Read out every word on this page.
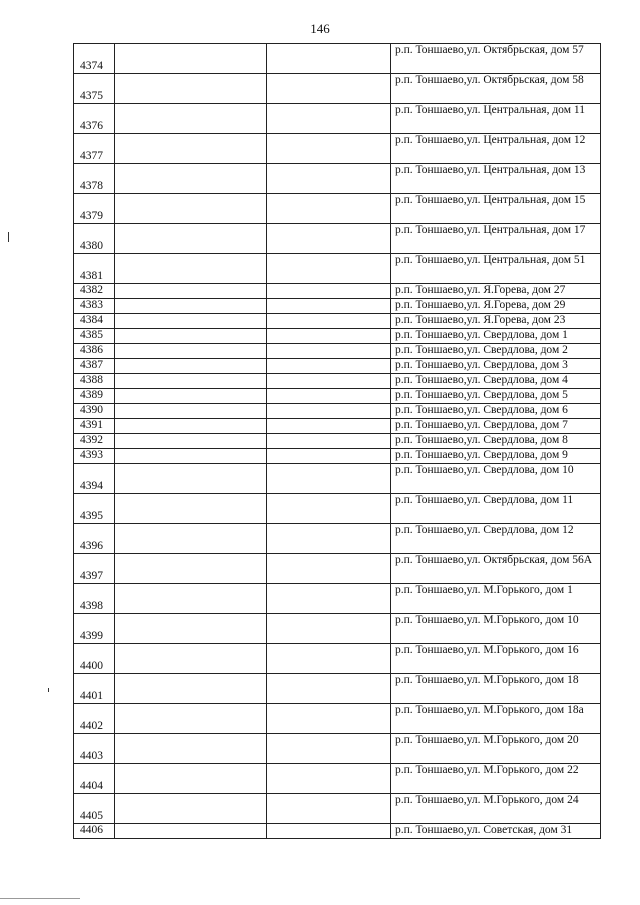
146
4374			р.п. Тоншаево,ул. Октябрьская, дом 57
4375			р.п. Тоншаево,ул. Октябрьская, дом 58
4376			р.п. Тоншаево,ул. Центральная, дом 11
4377			р.п. Тоншаево,ул. Центральная, дом 12
4378			р.п. Тоншаево,ул. Центральная, дом 13
4379			р.п. Тоншаево,ул. Центральная, дом 15
4380			р.п. Тоншаево,ул. Центральная, дом 17
4381			р.п. Тоншаево,ул. Центральная, дом 51
4382			р.п. Тоншаево,ул. Я.Горева, дом 27
4383			р.п. Тоншаево,ул. Я.Горева, дом 29
4384			р.п. Тоншаево,ул. Я.Горева, дом 23
4385			р.п. Тоншаево,ул. Свердлова, дом 1
4386			р.п. Тоншаево,ул. Свердлова, дом 2
4387			р.п. Тоншаево,ул. Свердлова, дом 3
4388			р.п. Тоншаево,ул. Свердлова, дом 4
4389			р.п. Тоншаево,ул. Свердлова, дом 5
4390			р.п. Тоншаево,ул. Свердлова, дом 6
4391			р.п. Тоншаево,ул. Свердлова, дом 7
4392			р.п. Тоншаево,ул. Свердлова, дом 8
4393			р.п. Тоншаево,ул. Свердлова, дом 9
4394			р.п. Тоншаево,ул. Свердлова, дом 10
4395			р.п. Тоншаево,ул. Свердлова, дом 11
4396			р.п. Тоншаево,ул. Свердлова, дом 12
4397			р.п. Тоншаево,ул. Октябрьская, дом 56А
4398			р.п. Тоншаево,ул. М.Горького, дом 1
4399			р.п. Тоншаево,ул. М.Горького, дом 10
4400			р.п. Тоншаево,ул. М.Горького, дом 16
4401			р.п. Тоншаево,ул. М.Горького, дом 18
4402			р.п. Тоншаево,ул. М.Горького, дом 18а
4403			р.п. Тоншаево,ул. М.Горького, дом 20
4404			р.п. Тоншаево,ул. М.Горького, дом 22
4405			р.п. Тоншаево,ул. М.Горького, дом 24
4406			р.п. Тоншаево,ул. Советская, дом 31
